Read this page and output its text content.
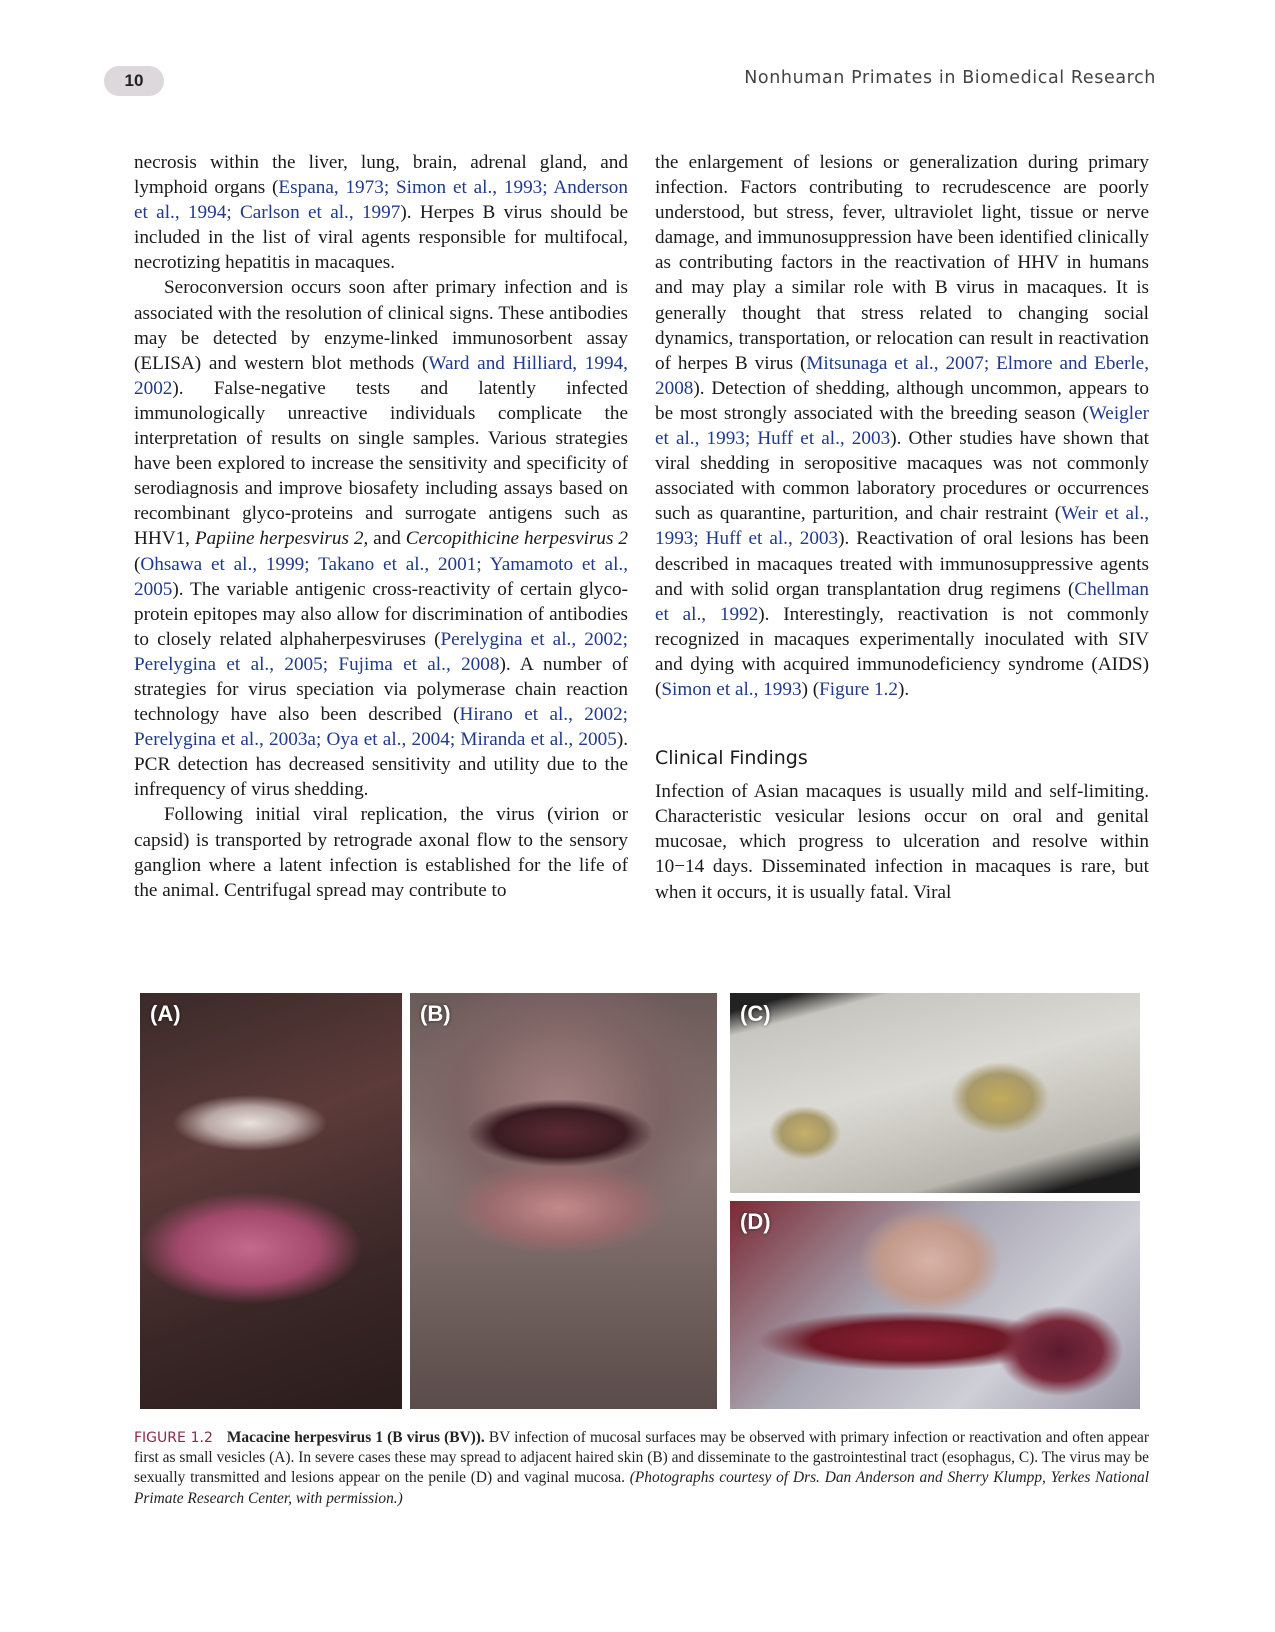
10	Nonhuman Primates in Biomedical Research

necrosis within the liver, lung, brain, adrenal gland, and lymphoid organs (Espana, 1973; Simon et al., 1993; Anderson et al., 1994; Carlson et al., 1997). Herpes B virus should be included in the list of viral agents responsible for multifocal, necrotizing hepatitis in macaques.

Seroconversion occurs soon after primary infection and is associated with the resolution of clinical signs. These antibodies may be detected by enzyme-linked immunosorbent assay (ELISA) and western blot methods (Ward and Hilliard, 1994, 2002). False-negative tests and latently infected immunologically unreactive individuals complicate the interpretation of results on single samples. Various strategies have been explored to increase the sensitivity and specificity of serodiagnosis and improve biosafety including assays based on recombinant glyco-proteins and surrogate antigens such as HHV1, Papiine herpesvirus 2, and Cercopithicine herpesvirus 2 (Ohsawa et al., 1999; Takano et al., 2001; Yamamoto et al., 2005). The variable antigenic cross-reactivity of certain glyco-protein epitopes may also allow for discrimination of antibodies to closely related alphaherpesviruses (Perelygina et al., 2002; Perelygina et al., 2005; Fujima et al., 2008). A number of strategies for virus speciation via polymerase chain reaction technology have also been described (Hirano et al., 2002; Perelygina et al., 2003a; Oya et al., 2004; Miranda et al., 2005). PCR detection has decreased sensitivity and utility due to the infrequency of virus shedding.

Following initial viral replication, the virus (virion or capsid) is transported by retrograde axonal flow to the sensory ganglion where a latent infection is established for the life of the animal. Centrifugal spread may contribute to

the enlargement of lesions or generalization during primary infection. Factors contributing to recrudescence are poorly understood, but stress, fever, ultraviolet light, tissue or nerve damage, and immunosuppression have been identified clinically as contributing factors in the reactivation of HHV in humans and may play a similar role with B virus in macaques. It is generally thought that stress related to changing social dynamics, transportation, or relocation can result in reactivation of herpes B virus (Mitsunaga et al., 2007; Elmore and Eberle, 2008). Detection of shedding, although uncommon, appears to be most strongly associated with the breeding season (Weigler et al., 1993; Huff et al., 2003). Other studies have shown that viral shedding in seropositive macaques was not commonly associated with common laboratory procedures or occurrences such as quarantine, parturition, and chair restraint (Weir et al., 1993; Huff et al., 2003). Reactivation of oral lesions has been described in macaques treated with immunosuppressive agents and with solid organ transplantation drug regimens (Chellman et al., 1992). Interestingly, reactivation is not commonly recognized in macaques experimentally inoculated with SIV and dying with acquired immunodeficiency syndrome (AIDS) (Simon et al., 1993) (Figure 1.2).

Clinical Findings

Infection of Asian macaques is usually mild and self-limiting. Characteristic vesicular lesions occur on oral and genital mucosae, which progress to ulceration and resolve within 10−14 days. Disseminated infection in macaques is rare, but when it occurs, it is usually fatal. Viral

(A)	(B)	(C)
(D)
FIGURE 1.2 Macacine herpesvirus 1 (B virus (BV)). BV infection of mucosal surfaces may be observed with primary infection or reactivation and often appear first as small vesicles (A). In severe cases these may spread to adjacent haired skin (B) and disseminate to the gastrointestinal tract (esophagus, C). The virus may be sexually transmitted and lesions appear on the penile (D) and vaginal mucosa. (Photographs courtesy of Drs. Dan Anderson and Sherry Klumpp, Yerkes National Primate Research Center, with permission.)
